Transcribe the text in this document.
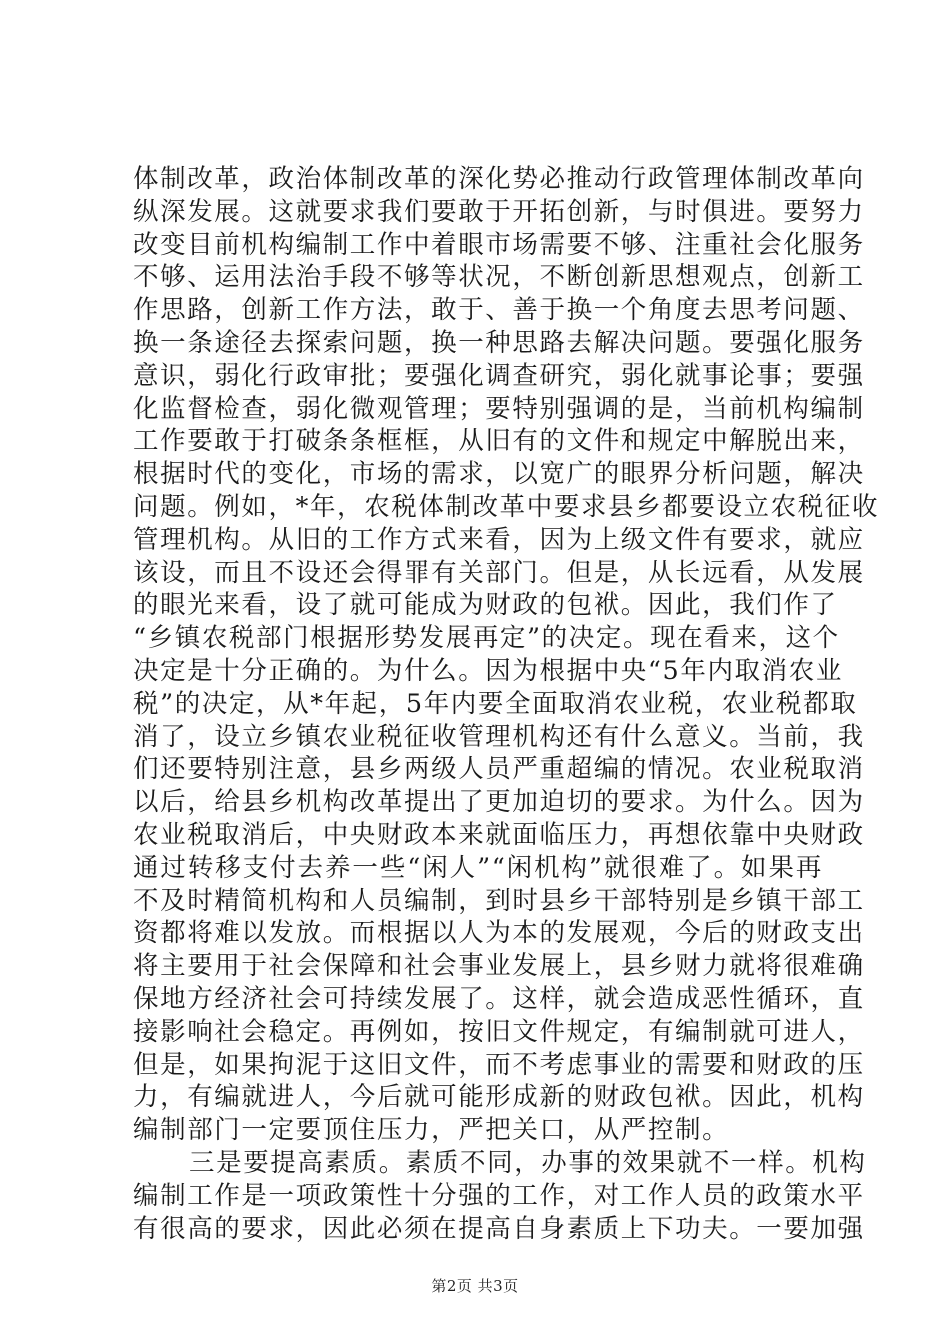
体制改革，政治体制改革的深化势必推动行政管理体制改革向
纵深发展。这就要求我们要敢于开拓创新，与时俱进。要努力
改变目前机构编制工作中着眼市场需要不够、注重社会化服务
不够、运用法治手段不够等状况，不断创新思想观点，创新工
作思路，创新工作方法，敢于、善于换一个角度去思考问题、
换一条途径去探索问题，换一种思路去解决问题。要强化服务
意识，弱化行政审批；要强化调查研究，弱化就事论事；要强
化监督检查，弱化微观管理；要特别强调的是，当前机构编制
工作要敢于打破条条框框，从旧有的文件和规定中解脱出来，
根据时代的变化，市场的需求，以宽广的眼界分析问题，解决
问题。例如，*年，农税体制改革中要求县乡都要设立农税征收
管理机构。从旧的工作方式来看，因为上级文件有要求，就应
该设，而且不设还会得罪有关部门。但是，从长远看，从发展
的眼光来看，设了就可能成为财政的包袱。因此，我们作了
“乡镇农税部门根据形势发展再定”的决定。现在看来，这个
决定是十分正确的。为什么。因为根据中央“5年内取消农业
税”的决定，从*年起，5年内要全面取消农业税，农业税都取
消了，设立乡镇农业税征收管理机构还有什么意义。当前，我
们还要特别注意，县乡两级人员严重超编的情况。农业税取消
以后，给县乡机构改革提出了更加迫切的要求。为什么。因为
农业税取消后，中央财政本来就面临压力，再想依靠中央财政
通过转移支付去养一些“闲人”“闲机构”就很难了。如果再
不及时精简机构和人员编制，到时县乡干部特别是乡镇干部工
资都将难以发放。而根据以人为本的发展观，今后的财政支出
将主要用于社会保障和社会事业发展上，县乡财力就将很难确
保地方经济社会可持续发展了。这样，就会造成恶性循环，直
接影响社会稳定。再例如，按旧文件规定，有编制就可进人，
但是，如果拘泥于这旧文件，而不考虑事业的需要和财政的压
力，有编就进人，今后就可能形成新的财政包袱。因此，机构
编制部门一定要顶住压力，严把关口，从严控制。
三是要提高素质。素质不同，办事的效果就不一样。机构
编制工作是一项政策性十分强的工作，对工作人员的政策水平
有很高的要求，因此必须在提高自身素质上下功夫。一要加强
第2页 共3页
